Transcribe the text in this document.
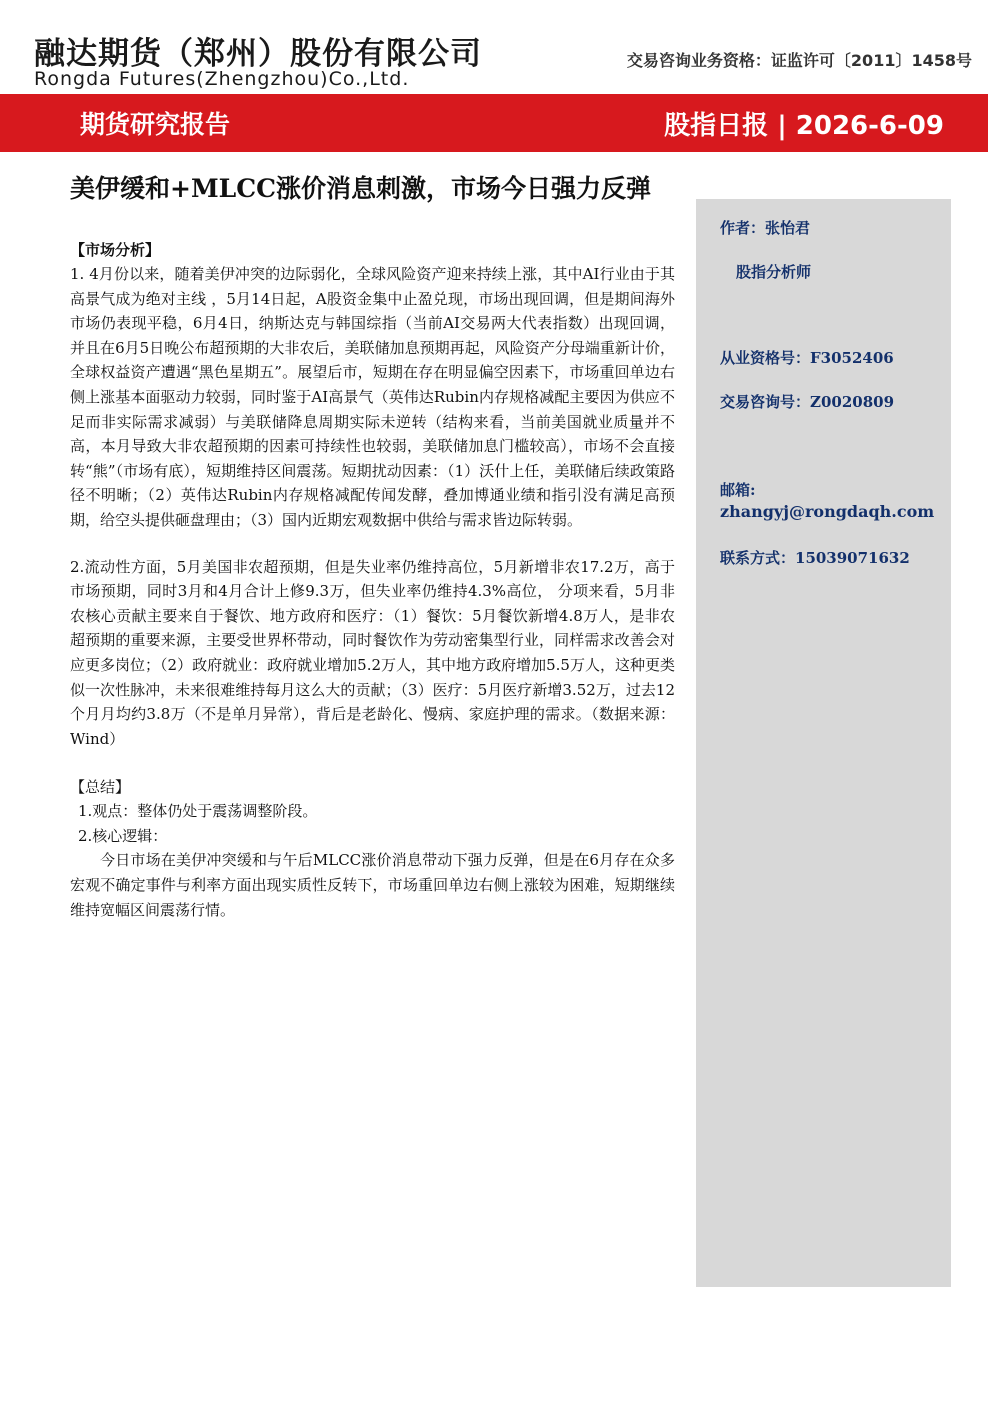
融达期货（郑州）股份有限公司
Rongda Futures(Zhengzhou)Co.,Ltd.
交易咨询业务资格：证监许可〔2011〕1458号
期货研究报告	股指日报 | 2026-6-09
美伊缓和+MLCC涨价消息刺激，市场今日强力反弹

【市场分析】

1. 4月份以来，随着美伊冲突的边际弱化，全球风险资产迎来持续上涨，其中AI行业由于其高景气成为绝对主线 ，5月14日起，A股资金集中止盈兑现，市场出现回调，但是期间海外市场仍表现平稳，6月4日，纳斯达克与韩国综指（当前AI交易两大代表指数）出现回调，并且在6月5日晚公布超预期的大非农后，美联储加息预期再起，风险资产分母端重新计价，全球权益资产遭遇“黑色星期五”。展望后市，短期在存在明显偏空因素下，市场重回单边右侧上涨基本面驱动力较弱，同时鉴于AI高景气（英伟达Rubin内存规格减配主要因为供应不足而非实际需求减弱）与美联储降息周期实际未逆转（结构来看，当前美国就业质量并不高，本月导致大非农超预期的因素可持续性也较弱，美联储加息门槛较高），市场不会直接转“熊”（市场有底），短期维持区间震荡。短期扰动因素：（1）沃什上任，美联储后续政策路径不明晰；（2）英伟达Rubin内存规格减配传闻发酵，叠加博通业绩和指引没有满足高预期，给空头提供砸盘理由；（3）国内近期宏观数据中供给与需求皆边际转弱。

2.流动性方面，5月美国非农超预期，但是失业率仍维持高位，5月新增非农17.2万，高于市场预期，同时3月和4月合计上修9.3万，但失业率仍维持4.3%高位， 分项来看，5月非农核心贡献主要来自于餐饮、地方政府和医疗：（1）餐饮：5月餐饮新增4.8万人，是非农超预期的重要来源，主要受世界杯带动，同时餐饮作为劳动密集型行业，同样需求改善会对应更多岗位；（2）政府就业：政府就业增加5.2万人，其中地方政府增加5.5万人，这种更类似一次性脉冲，未来很难维持每月这么大的贡献；（3）医疗：5月医疗新增3.52万，过去12个月月均约3.8万（不是单月异常），背后是老龄化、慢病、家庭护理的需求。（数据来源：Wind）

【总结】

1.观点：整体仍处于震荡调整阶段。

2.核心逻辑：

今日市场在美伊冲突缓和与午后MLCC涨价消息带动下强力反弹，但是在6月存在众多宏观不确定事件与利率方面出现实质性反转下，市场重回单边右侧上涨较为困难，短期继续维持宽幅区间震荡行情。

作者：张怡君
股指分析师
从业资格号：F3052406
交易咨询号：Z0020809
邮箱:
zhangyj@rongdaqh.com
联系方式：15039071632
